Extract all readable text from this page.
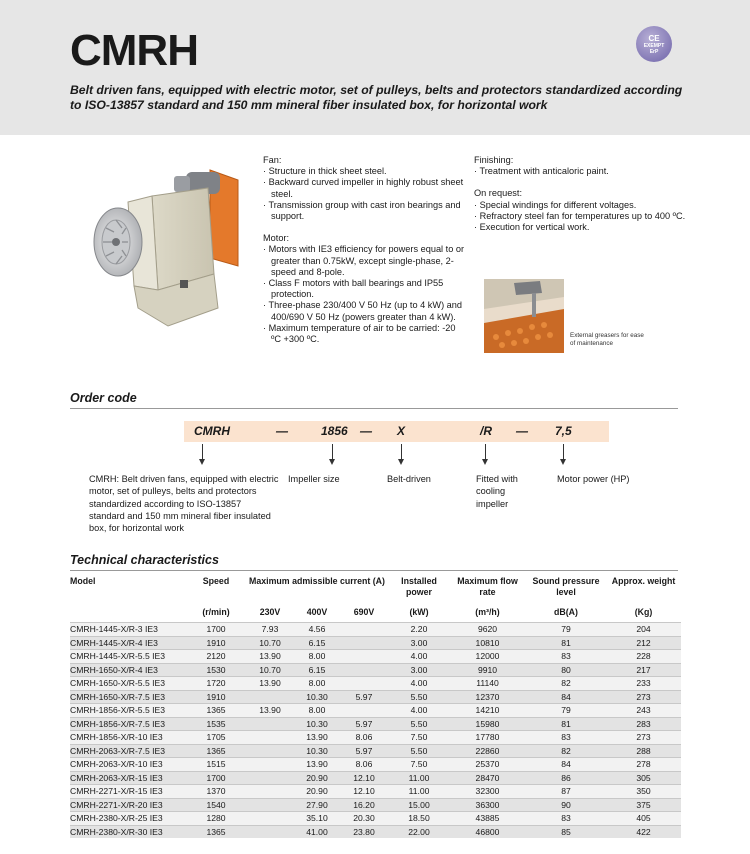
CMRH	CE
EXEMPT
ErP
Belt driven fans, equipped with electric motor, set of pulleys, belts and protectors standardized according to ISO-13857 standard and 150 mm mineral fiber insulated box, for horizontal work
Fan:
· Structure in thick sheet steel.
· Backward curved impeller in highly robust sheet steel.
· Transmission group with cast iron bearings and support.
Motor:
· Motors with IE3 efficiency for powers equal to or greater than 0.75kW, except single-phase, 2-speed and 8-pole.
· Class F motors with ball bearings and IP55 protection.
· Three-phase 230/400 V 50 Hz (up to 4 kW) and 400/690 V 50 Hz (powers greater than 4 kW).
· Maximum temperature of air to be carried: -20 ºC +300 ºC.
Finishing:
· Treatment with anticaloric paint.
On request:
· Special windings for different voltages.
· Refractory steel fan for temperatures up to 400 ºC.
· Execution for vertical work.
External greasers for ease of maintenance
Order code
CMRH	—	1856 — X	/R — 7,5
CMRH: Belt driven fans, equipped with electric motor, set of pulleys, belts and protectors standardized according to ISO-13857 standard and 150 mm mineral fiber insulated box, for horizontal work
Impeller size	Belt-driven	Fitted with cooling impeller
Motor power (HP)
Technical characteristics
Model	Speed	Maximum admissible current (A)			Installed power	Maximum flow rate	Sound pressure level	Approx. weight
	(r/min)	230V	400V	690V	(kW)	(m³/h)	dB(A)	(Kg)
CMRH-1445-X/R-3 IE3	1700	7.93	4.56		2.20	9620	79	204
CMRH-1445-X/R-4 IE3	1910	10.70	6.15		3.00	10810	81	212
CMRH-1445-X/R-5.5 IE3	2120	13.90	8.00		4.00	12000	83	228
CMRH-1650-X/R-4 IE3	1530	10.70	6.15		3.00	9910	80	217
CMRH-1650-X/R-5.5 IE3	1720	13.90	8.00		4.00	11140	82	233
CMRH-1650-X/R-7.5 IE3	1910		10.30	5.97	5.50	12370	84	273
CMRH-1856-X/R-5.5 IE3	1365	13.90	8.00		4.00	14210	79	243
CMRH-1856-X/R-7.5 IE3	1535		10.30	5.97	5.50	15980	81	283
CMRH-1856-X/R-10 IE3	1705		13.90	8.06	7.50	17780	83	273
CMRH-2063-X/R-7.5 IE3	1365		10.30	5.97	5.50	22860	82	288
CMRH-2063-X/R-10 IE3	1515		13.90	8.06	7.50	25370	84	278
CMRH-2063-X/R-15 IE3	1700		20.90	12.10	11.00	28470	86	305
CMRH-2271-X/R-15 IE3	1370		20.90	12.10	11.00	32300	87	350
CMRH-2271-X/R-20 IE3	1540		27.90	16.20	15.00	36300	90	375
CMRH-2380-X/R-25 IE3	1280		35.10	20.30	18.50	43885	83	405
CMRH-2380-X/R-30 IE3	1365		41.00	23.80	22.00	46800	85	422
